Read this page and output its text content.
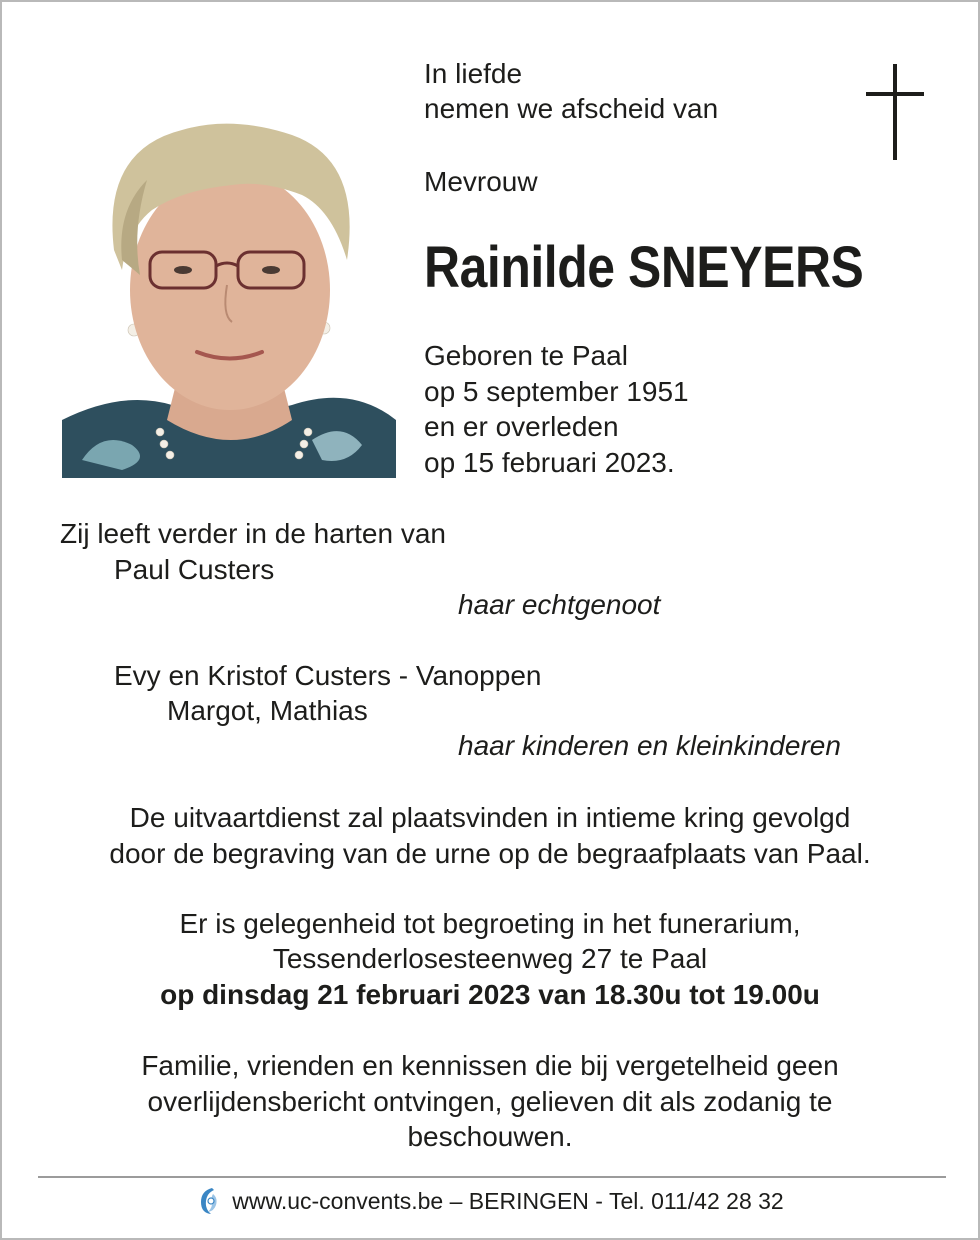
In liefde

nemen we afscheid van

Mevrouw

Rainilde SNEYERS

Geboren te Paal

op 5 september 1951

en er overleden

op 15 februari 2023.

Zij leeft verder in de harten van

Paul Custers

haar echtgenoot

Evy en Kristof Custers - Vanoppen

Margot, Mathias

haar kinderen en kleinkinderen

De uitvaartdienst zal plaatsvinden in intieme kring gevolgd

door de begraving van de urne op de begraafplaats van Paal.

Er is gelegenheid tot begroeting in het funerarium,

Tessenderlosesteenweg 27 te Paal

op dinsdag 21 februari 2023 van 18.30u tot 19.00u

Familie, vrienden en kennissen die bij vergetelheid geen

overlijdensbericht ontvingen, gelieven dit als zodanig te

beschouwen.

www.uc-convents.be – BERINGEN - Tel. 011/42 28 32
